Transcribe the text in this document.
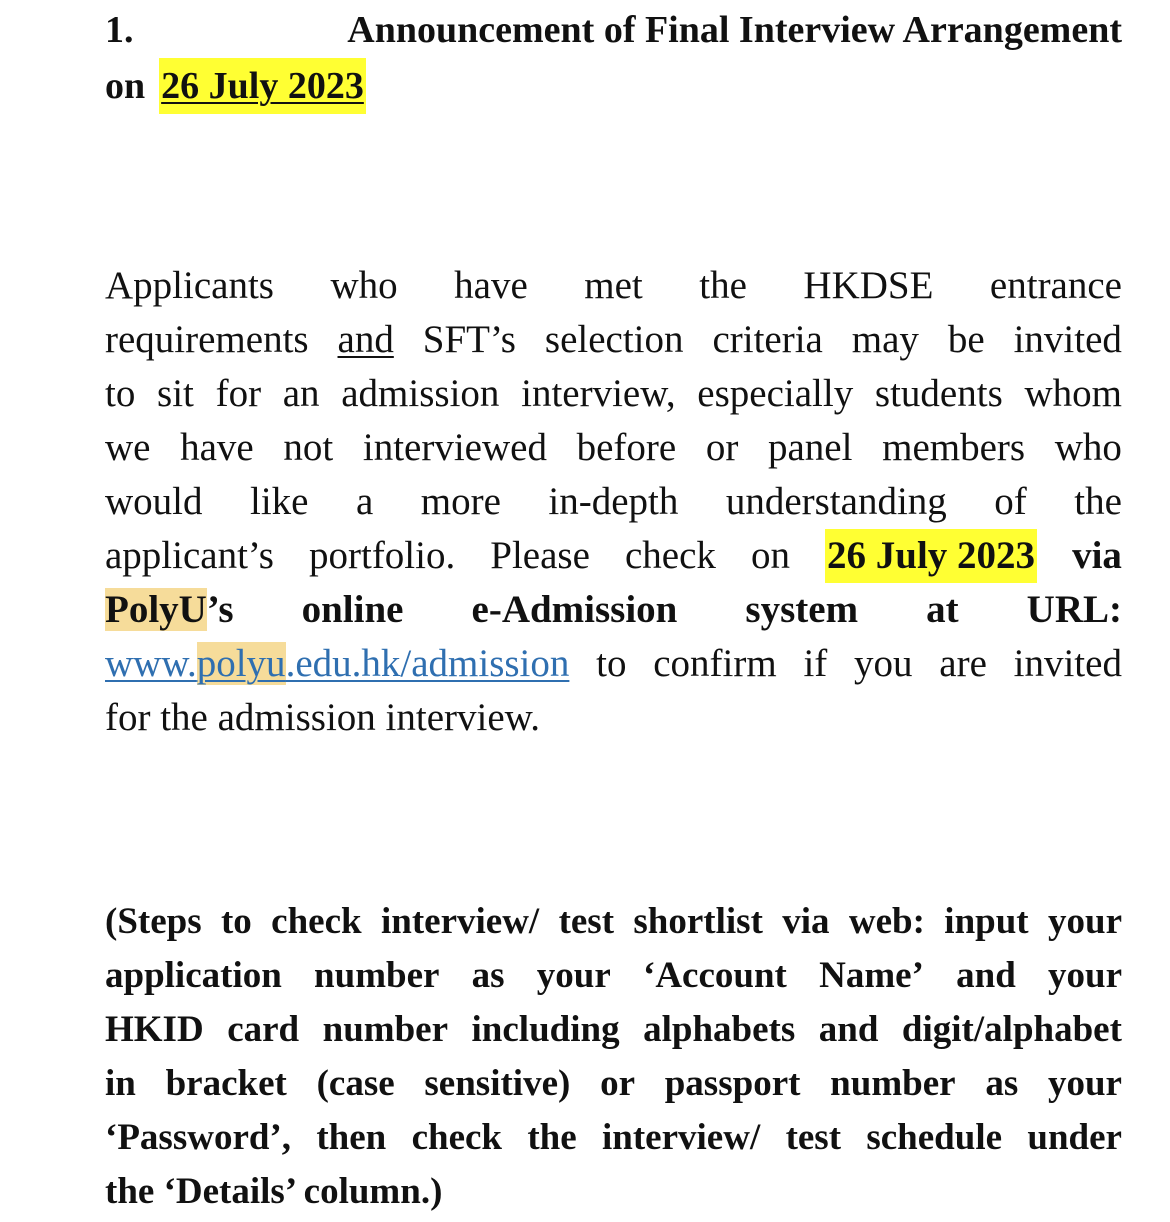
1.	Announcement of Final Interview Arrangement
on 26 July 2023
Applicants who have met the HKDSE entrance
requirements and SFT’s selection criteria may be invited
to sit for an admission interview, especially students whom
we have not interviewed before or panel members who
would like a more in-depth understanding of the
applicant’s portfolio. Please check on 26 July 2023 via
PolyU’s online e-Admission system at URL:
www.polyu.edu.hk/admission to confirm if you are invited
for the admission interview.
(Steps to check interview/ test shortlist via web: input your
application number as your ‘Account Name’ and your
HKID card number including alphabets and digit/alphabet
in bracket (case sensitive) or passport number as your
‘Password’, then check the interview/ test schedule under
the ‘Details’ column.)
